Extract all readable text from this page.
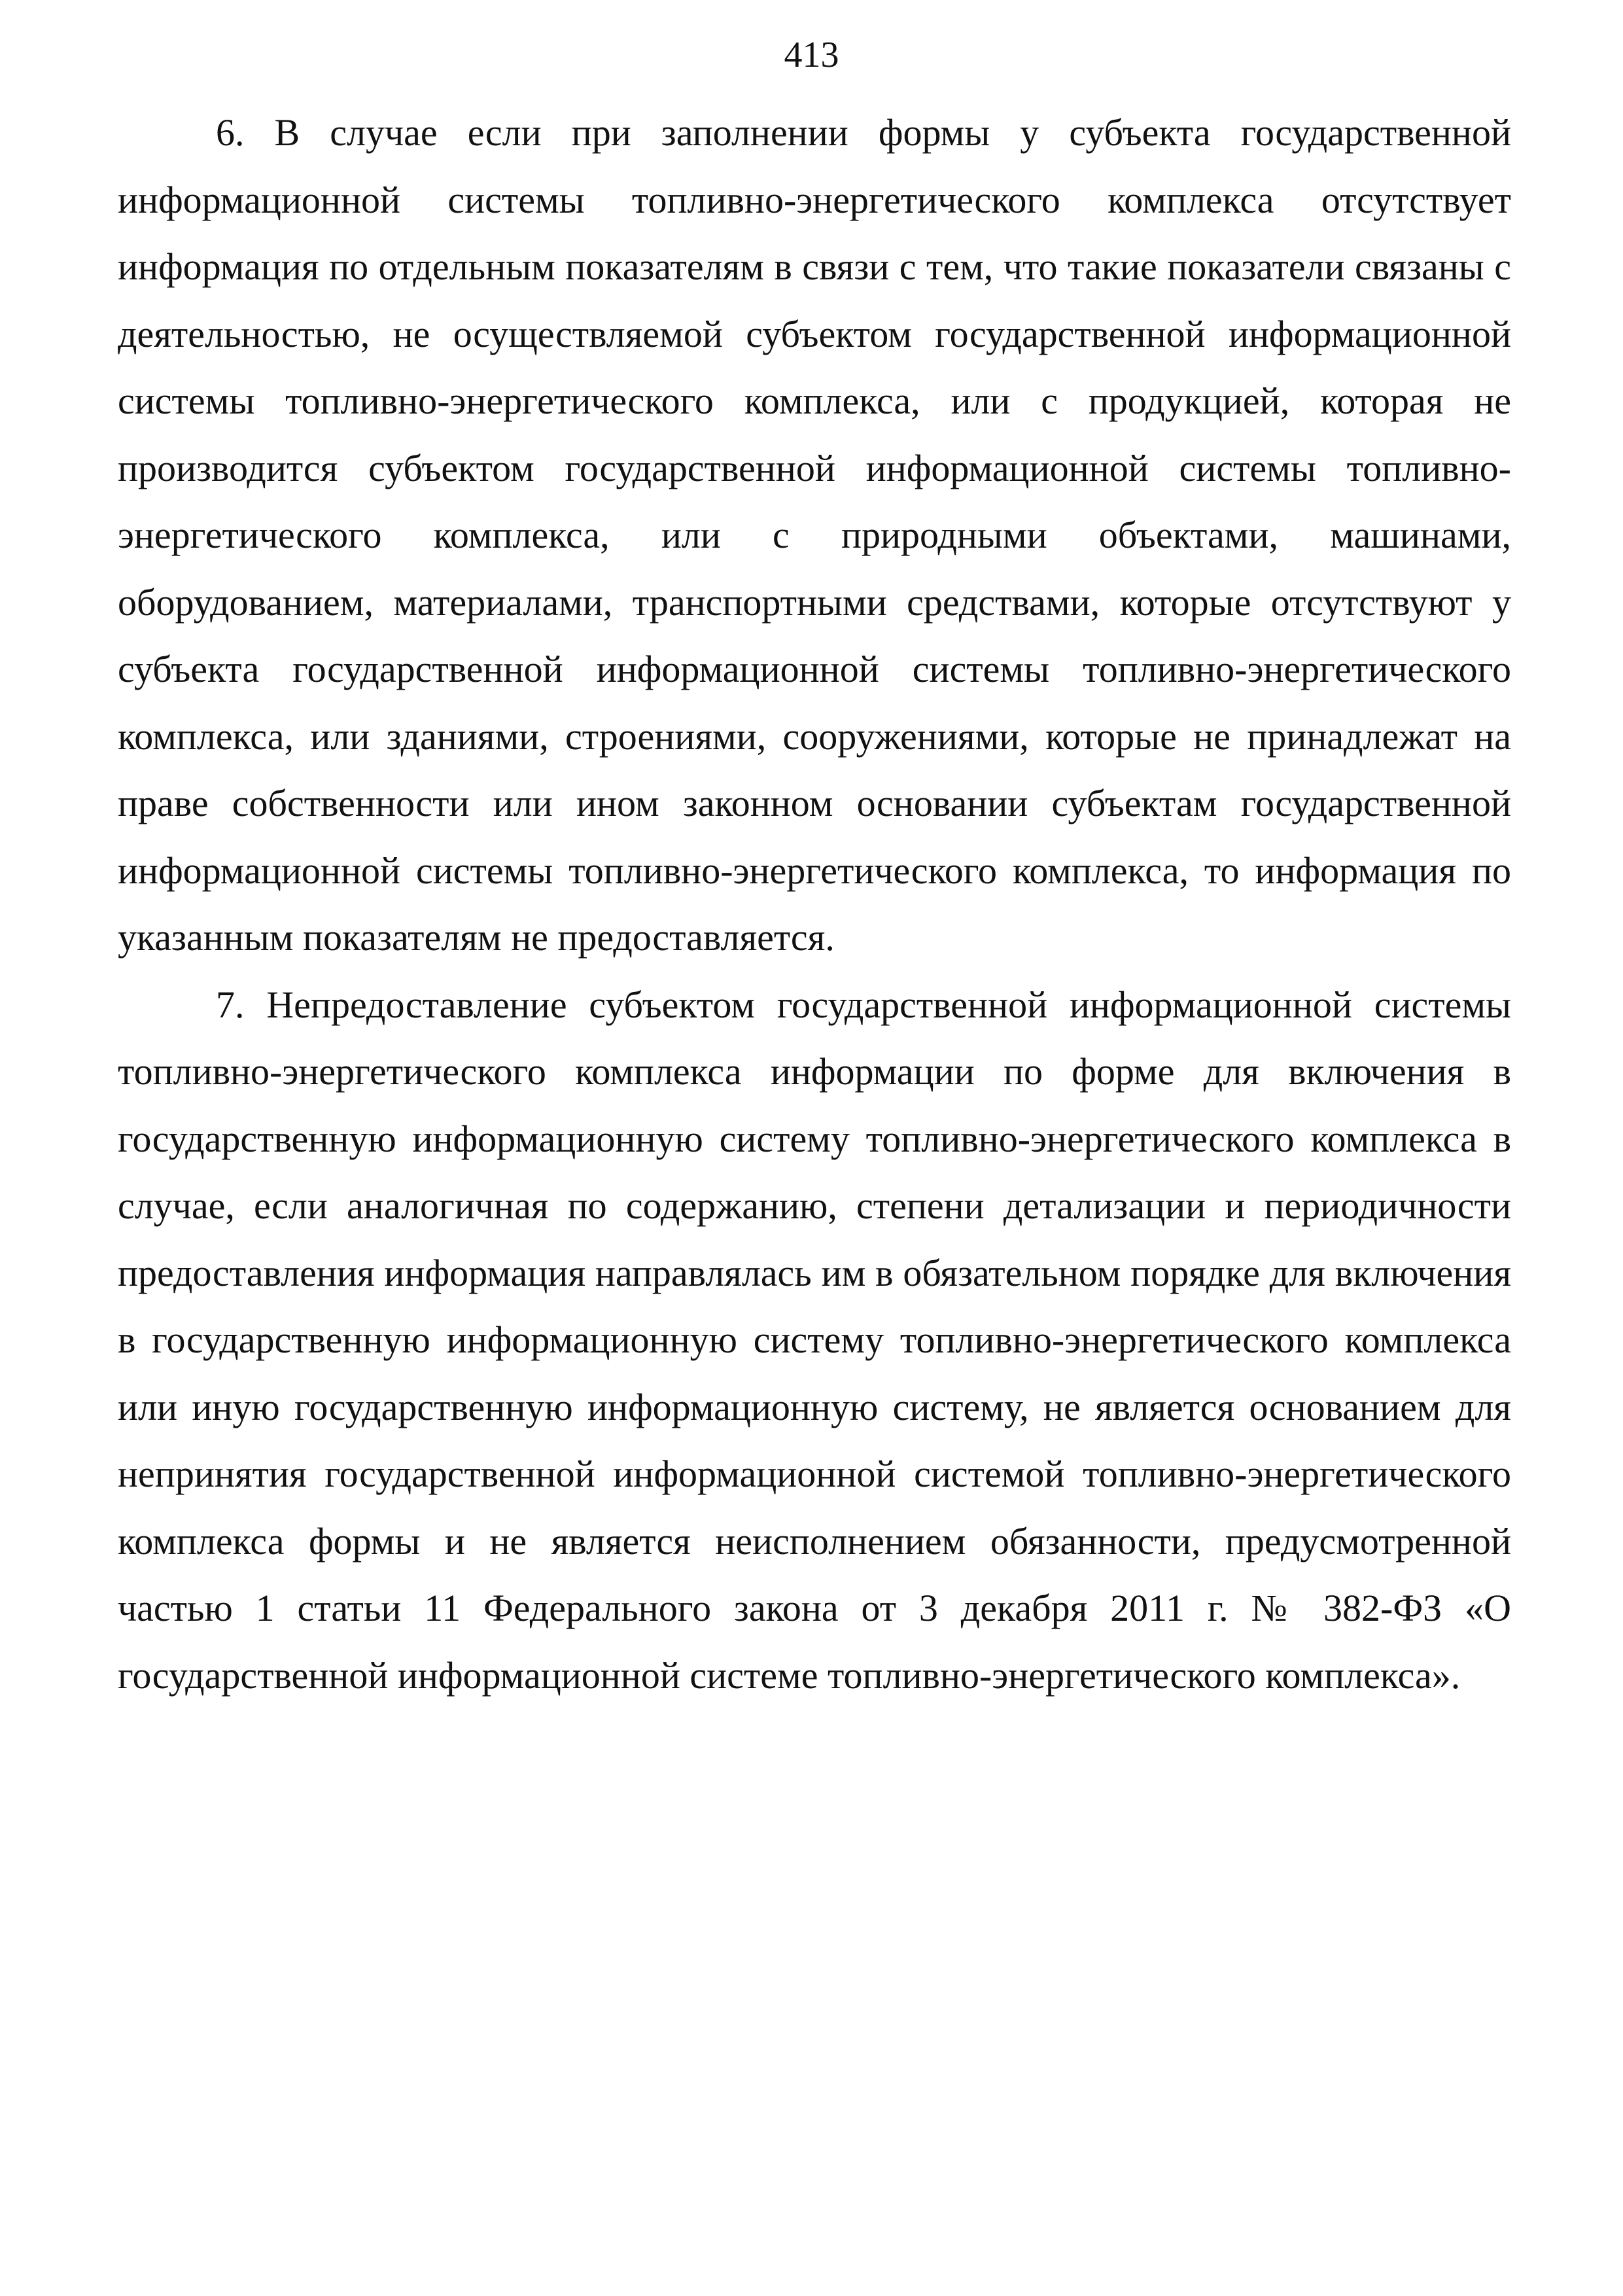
413

6. В случае если при заполнении формы у субъекта государственной информационной системы топливно-энергетического комплекса отсутствует информация по отдельным показателям в связи с тем, что такие показатели связаны с деятельностью, не осуществляемой субъектом государственной информационной системы топливно-энергетического комплекса, или с продукцией, которая не производится субъектом государственной информационной системы топливно-энергетического комплекса, или с природными объектами, машинами, оборудованием, материалами, транспортными средствами, которые отсутствуют у субъекта государственной информационной системы топливно-энергетического комплекса, или зданиями, строениями, сооружениями, которые не принадлежат на праве собственности или ином законном основании субъектам государственной информационной системы топливно-энергетического комплекса, то информация по указанным показателям не предоставляется.

7. Непредоставление субъектом государственной информационной системы топливно-энергетического комплекса информации по форме для включения в государственную информационную систему топливно-энергетического комплекса в случае, если аналогичная по содержанию, степени детализации и периодичности предоставления информация направлялась им в обязательном порядке для включения в государственную информационную систему топливно-энергетического комплекса или иную государственную информационную систему, не является основанием для непринятия государственной информационной системой топливно-энергетического комплекса формы и не является неисполнением обязанности, предусмотренной частью 1 статьи 11 Федерального закона от 3 декабря 2011 г. № 382-ФЗ «О государственной информационной системе топливно-энергетического комплекса».
